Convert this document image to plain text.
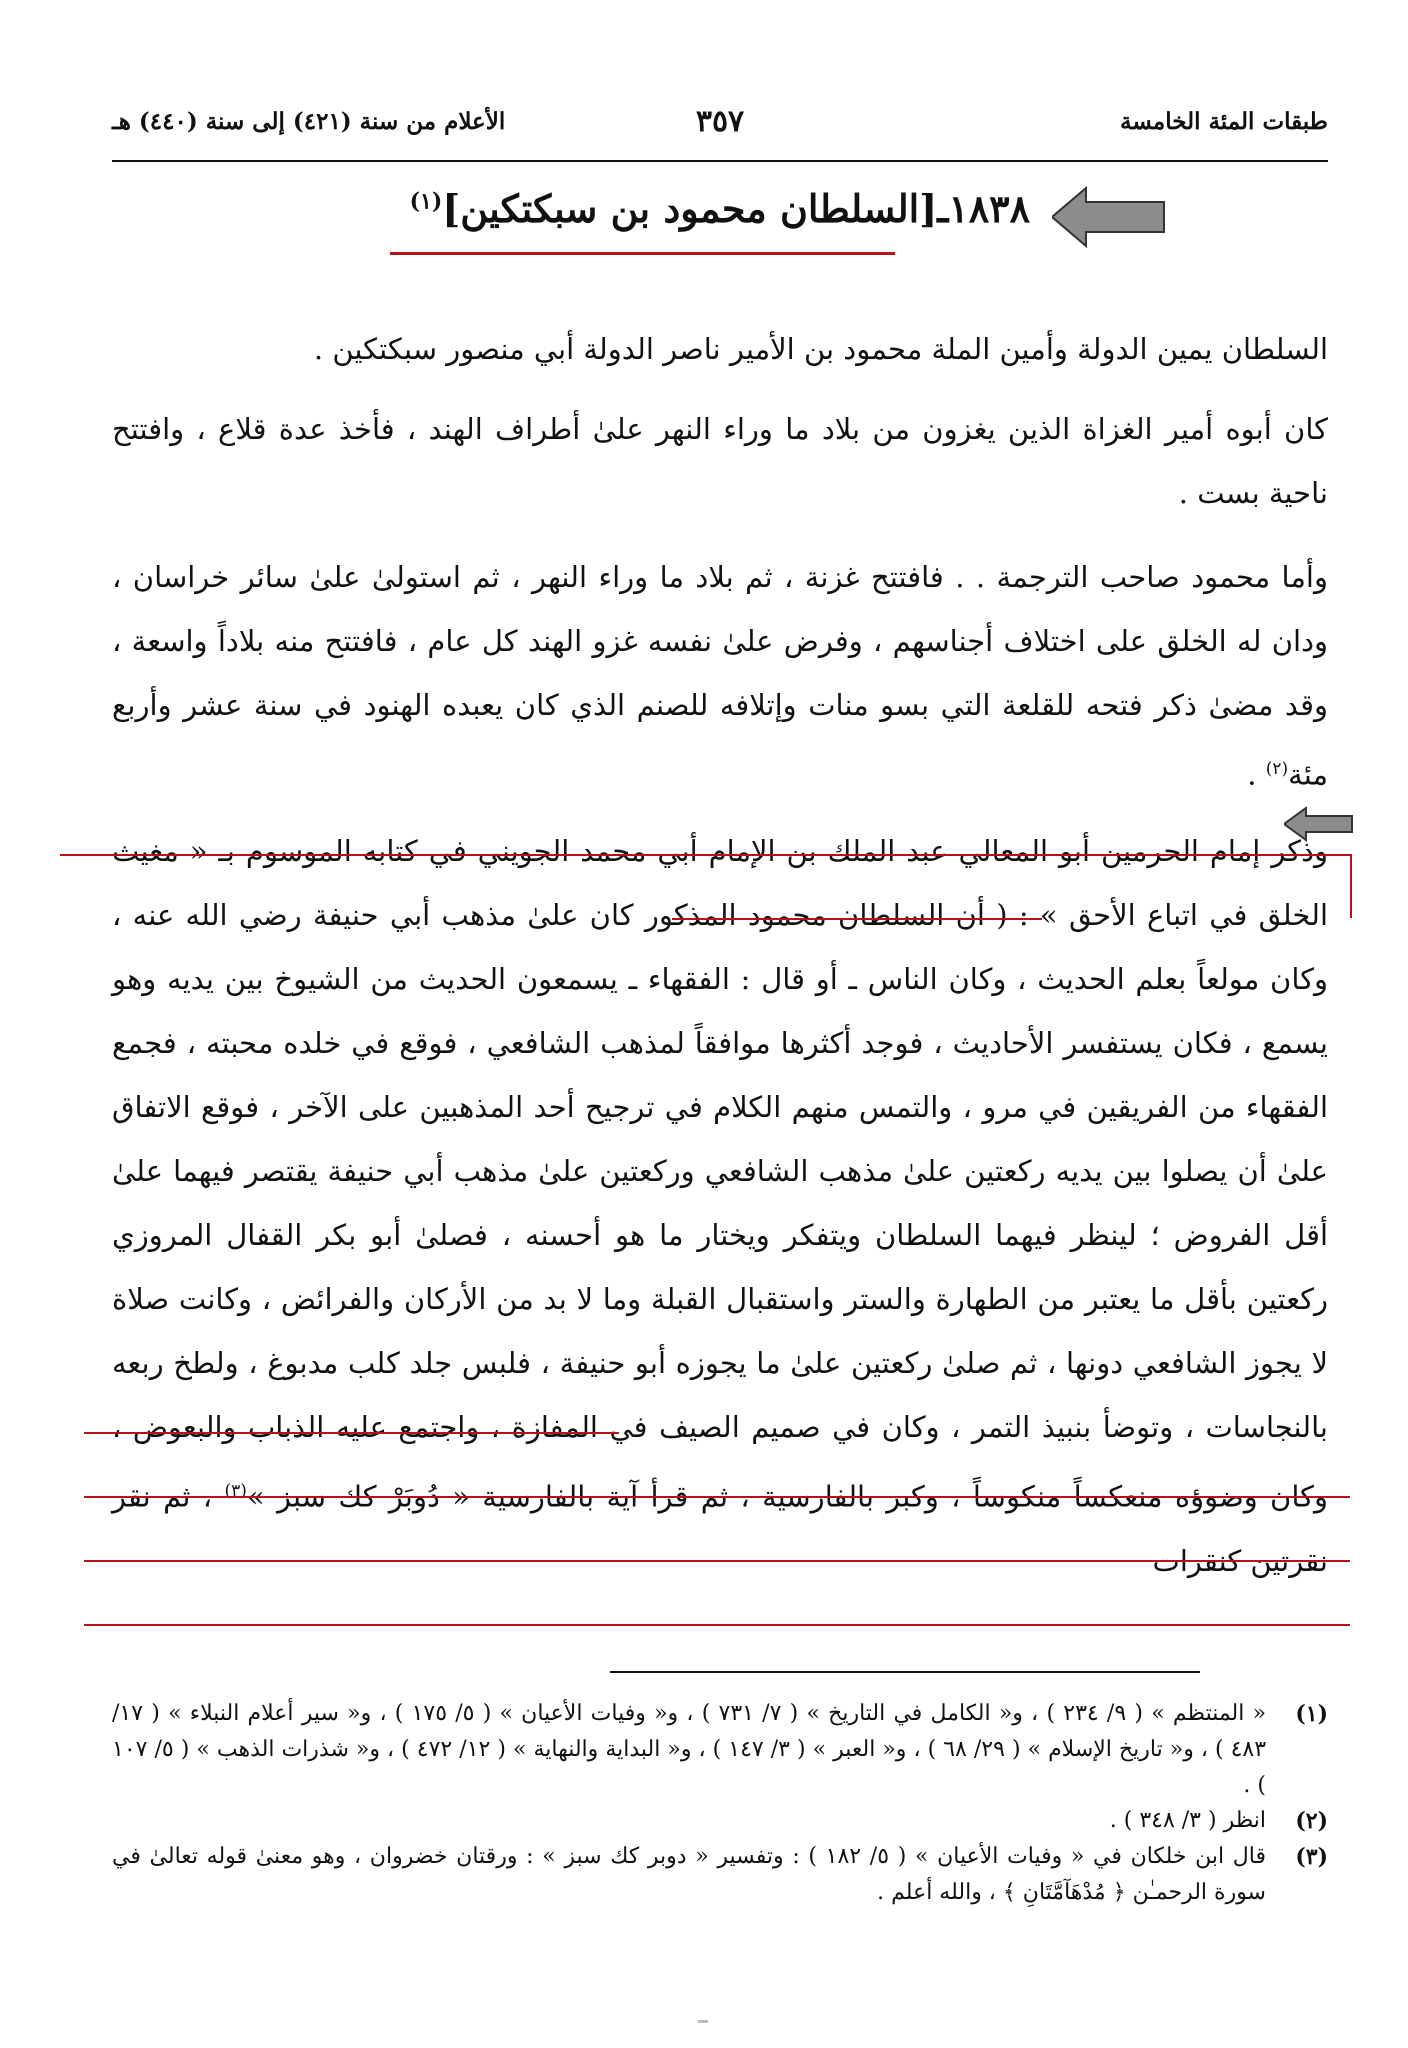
طبقات المئة الخامسة
٣٥٧
الأعلام من سنة (٤٢١) إلى سنة (٤٤٠) هـ
١٨٣٨ـ[السلطان محمود بن سبكتكين]$^{(١)}$

السلطان يمين الدولة وأمين الملة محمود بن الأمير ناصر الدولة أبي منصور سبكتكين .

كان أبوه أمير الغزاة الذين يغزون من بلاد ما وراء النهر علىٰ أطراف الهند ، فأخذ عدة قلاع ، وافتتح ناحية بست .

وأما محمود صاحب الترجمة . . فافتتح غزنة ، ثم بلاد ما وراء النهر ، ثم استولىٰ علىٰ سائر خراسان ، ودان له الخلق على اختلاف أجناسهم ، وفرض علىٰ نفسه غزو الهند كل عام ، فافتتح منه بلاداً واسعة ، وقد مضىٰ ذكر فتحه للقلعة التي بسو منات وإتلافه للصنم الذي كان يعبده الهنود في سنة عشر وأربع مئة$^{(٢)}$ .

وذكر إمام الحرمين أبو المعالي عبد الملك بن الإمام أبي محمد الجويني في كتابه الموسوم بـ « مغيث الخلق في اتباع الأحق » : ( أن السلطان محمود المذكور كان علىٰ مذهب أبي حنيفة رضي الله عنه ، وكان مولعاً بعلم الحديث ، وكان الناس ـ أو قال : الفقهاء ـ يسمعون الحديث من الشيوخ بين يديه وهو يسمع ، فكان يستفسر الأحاديث ، فوجد أكثرها موافقاً لمذهب الشافعي ، فوقع في خلده محبته ، فجمع الفقهاء من الفريقين في مرو ، والتمس منهم الكلام في ترجيح أحد المذهبين على الآخر ، فوقع الاتفاق علىٰ أن يصلوا بين يديه ركعتين علىٰ مذهب الشافعي وركعتين علىٰ مذهب أبي حنيفة يقتصر فيهما علىٰ أقل الفروض ؛ لينظر فيهما السلطان ويتفكر ويختار ما هو أحسنه ، فصلىٰ أبو بكر القفال المروزي ركعتين بأقل ما يعتبر من الطهارة والستر واستقبال القبلة وما لا بد من الأركان والفرائض ، وكانت صلاة لا يجوز الشافعي دونها ، ثم صلىٰ ركعتين علىٰ ما يجوزه أبو حنيفة ، فلبس جلد كلب مدبوغ ، ولطخ ربعه بالنجاسات ، وتوضأ بنبيذ التمر ، وكان في صميم الصيف في المفازة ، واجتمع عليه الذباب والبعوض ، وكان وضوؤه منعكساً منكوساً ، وكبر بالفارسية ، ثم قرأ آية بالفارسية « دُوبَرْ كك سبز »$^{(٣)}$ ، ثم نقر نقرتين كنقرات

(١)
« المنتظم » ( ٩/ ٢٣٤ ) ، و« الكامل في التاريخ » ( ٧/ ٧٣١ ) ، و« وفيات الأعيان » ( ٥/ ١٧٥ ) ، و« سير أعلام النبلاء » ( ١٧/ ٤٨٣ ) ، و« تاريخ الإسلام » ( ٢٩/ ٦٨ ) ، و« العبر » ( ٣/ ١٤٧ ) ، و« البداية والنهاية » ( ١٢/ ٤٧٢ ) ، و« شذرات الذهب » ( ٥/ ١٠٧ ) .
(٢)
انظر ( ٣/ ٣٤٨ ) .
(٣)
قال ابن خلكان في « وفيات الأعيان » ( ٥/ ١٨٢ ) : وتفسير « دوبر كك سبز » : ورقتان خضروان ، وهو معنىٰ قوله تعالىٰ في سورة الرحمـٰن ﴿ مُدْهَآمَّتَانِ ﴾ ، والله أعلم .
